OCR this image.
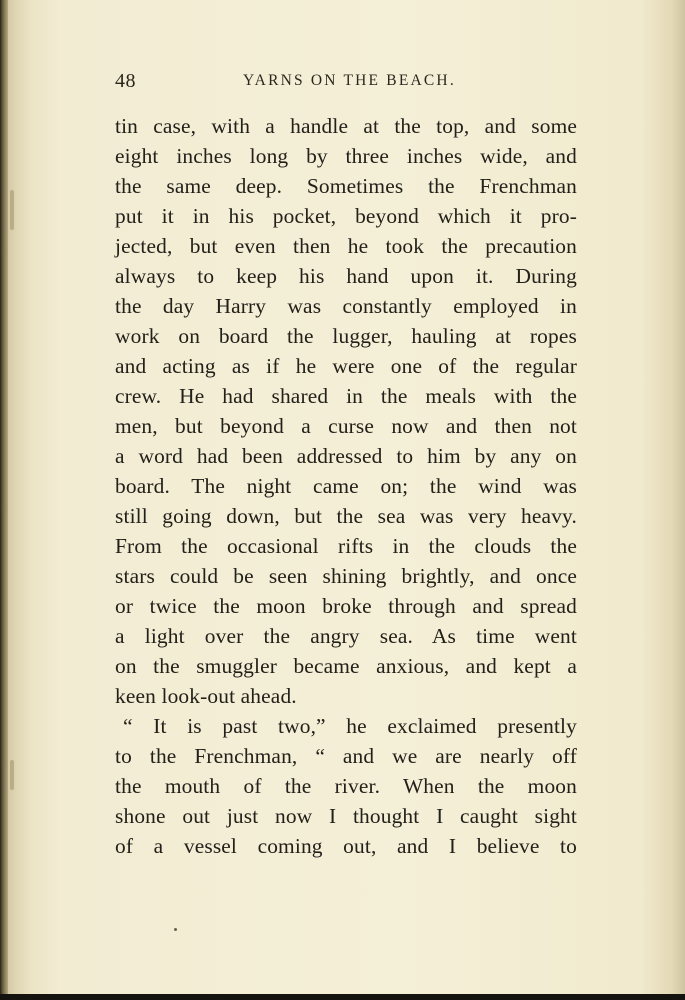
48	YARNS ON THE BEACH.
tin case, with a handle at the top, and some
eight inches long by three inches wide, and
the same deep. Sometimes the Frenchman
put it in his pocket, beyond which it pro-
jected, but even then he took the precaution
always to keep his hand upon it. During
the day Harry was constantly employed in
work on board the lugger, hauling at ropes
and acting as if he were one of the regular
crew. He had shared in the meals with the
men, but beyond a curse now and then not
a word had been addressed to him by any on
board. The night came on; the wind was
still going down, but the sea was very heavy.
From the occasional rifts in the clouds the
stars could be seen shining brightly, and once
or twice the moon broke through and spread
a light over the angry sea. As time went
on the smuggler became anxious, and kept a
keen look-out ahead.
“ It is past two,” he exclaimed presently
to the Frenchman, “ and we are nearly off
the mouth of the river. When the moon
shone out just now I thought I caught sight
of a vessel coming out, and I believe to
